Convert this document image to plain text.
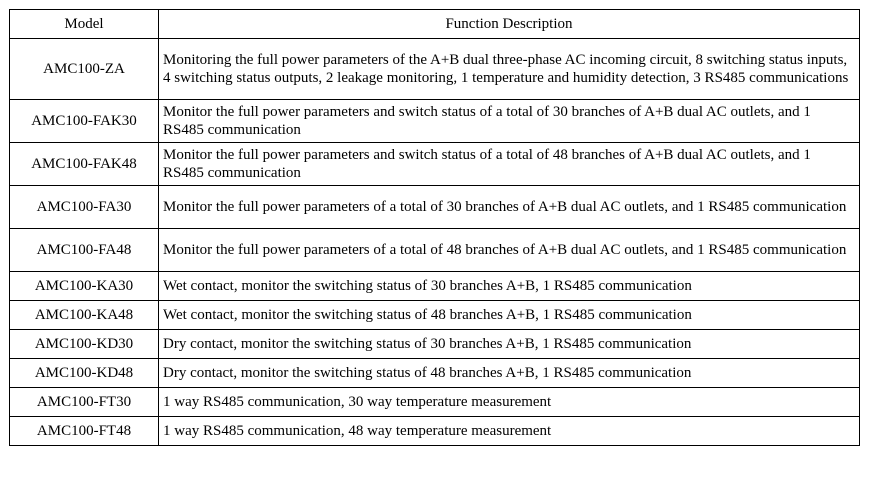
Model	Function Description
AMC100-ZA	Monitoring the full power parameters of the A+B dual three-phase AC incoming circuit, 8 switching status inputs, 4 switching status outputs, 2 leakage monitoring, 1 temperature and humidity detection, 3 RS485 communications
AMC100-FAK30	Monitor the full power parameters and switch status of a total of 30 branches of A+B dual AC outlets, and 1 RS485 communication
AMC100-FAK48	Monitor the full power parameters and switch status of a total of 48 branches of A+B dual AC outlets, and 1 RS485 communication
AMC100-FA30	Monitor the full power parameters of a total of 30 branches of A+B dual AC outlets, and 1 RS485 communication
AMC100-FA48	Monitor the full power parameters of a total of 48 branches of A+B dual AC outlets, and 1 RS485 communication
AMC100-KA30	Wet contact, monitor the switching status of 30 branches A+B, 1 RS485 communication
AMC100-KA48	Wet contact, monitor the switching status of 48 branches A+B, 1 RS485 communication
AMC100-KD30	Dry contact, monitor the switching status of 30 branches A+B, 1 RS485 communication
AMC100-KD48	Dry contact, monitor the switching status of 48 branches A+B, 1 RS485 communication
AMC100-FT30	1 way RS485 communication, 30 way temperature measurement
AMC100-FT48	1 way RS485 communication, 48 way temperature measurement
